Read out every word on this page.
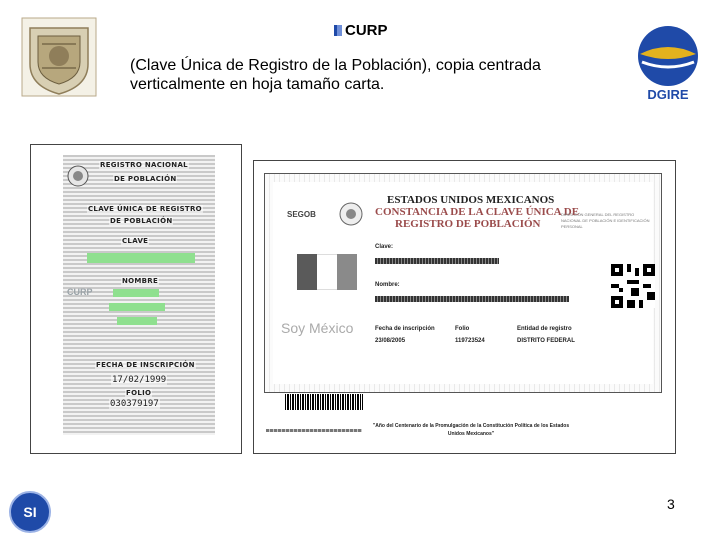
CURP
(Clave Única de Registro de la Población), copia centrada verticalmente en hoja tamaño carta.
DGIRE
REGISTRO NACIONAL
DE POBLACIÓN
CLAVE ÚNICA DE REGISTRO
DE POBLACIÓN
CLAVE
CURP
NOMBRE
FECHA DE INSCRIPCIÓN
17/02/1999
FOLIO
030379197
SEGOB
ESTADOS UNIDOS MEXICANOS
CONSTANCIA DE LA CLAVE ÚNICA DE
REGISTRO DE POBLACIÓN
DIRECCIÓN GENERAL DEL REGISTRO NACIONAL DE POBLACIÓN E IDENTIFICACIÓN PERSONAL
Clave:
Nombre:
Soy México	Fecha de inscripción
23/08/2005
Folio
119723524
Entidad de registro
DISTRITO FEDERAL
"Año del Centenario de la Promulgación de la Constitución Política de los Estados Unidos Mexicanos"
SI	3
